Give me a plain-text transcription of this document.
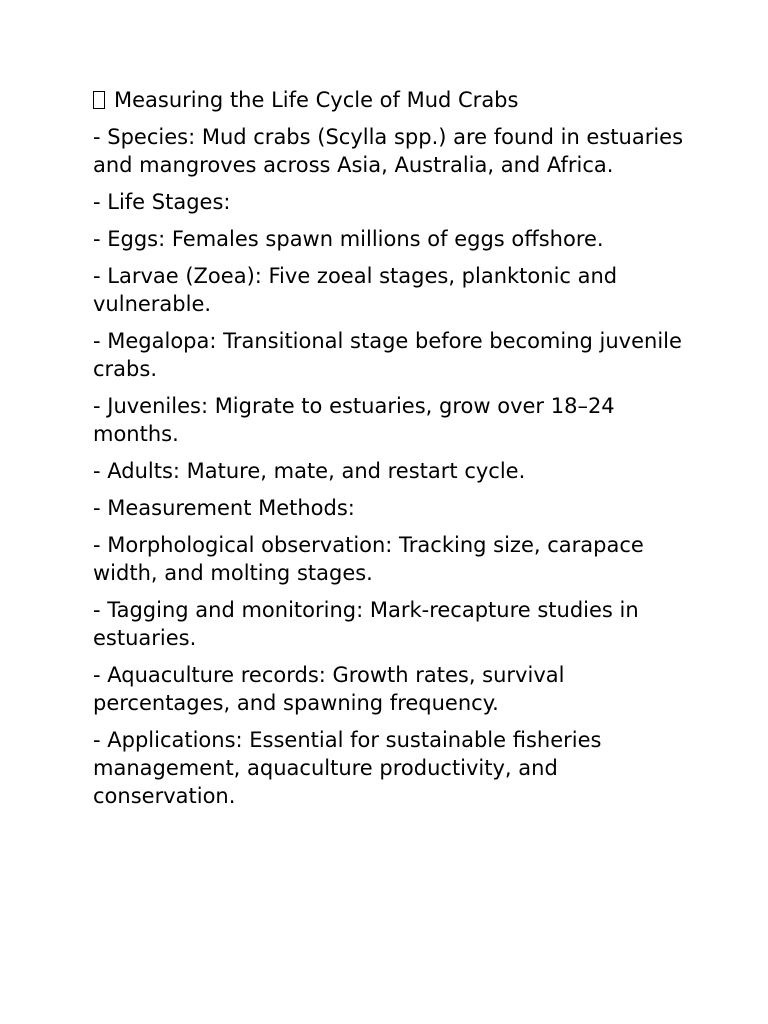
Measuring the Life Cycle of Mud Crabs

- Species: Mud crabs (Scylla spp.) are found in estuaries and mangroves across Asia, Australia, and Africa.

- Life Stages:

- Eggs: Females spawn millions of eggs offshore.

- Larvae (Zoea): Five zoeal stages, planktonic and vulnerable.

- Megalopa: Transitional stage before becoming juvenile crabs.

- Juveniles: Migrate to estuaries, grow over 18–24 months.

- Adults: Mature, mate, and restart cycle.

- Measurement Methods:

- Morphological observation: Tracking size, carapace width, and molting stages.

- Tagging and monitoring: Mark-recapture studies in estuaries.

- Aquaculture records: Growth rates, survival percentages, and spawning frequency.

- Applications: Essential for sustainable fisheries management, aquaculture productivity, and conservation.
